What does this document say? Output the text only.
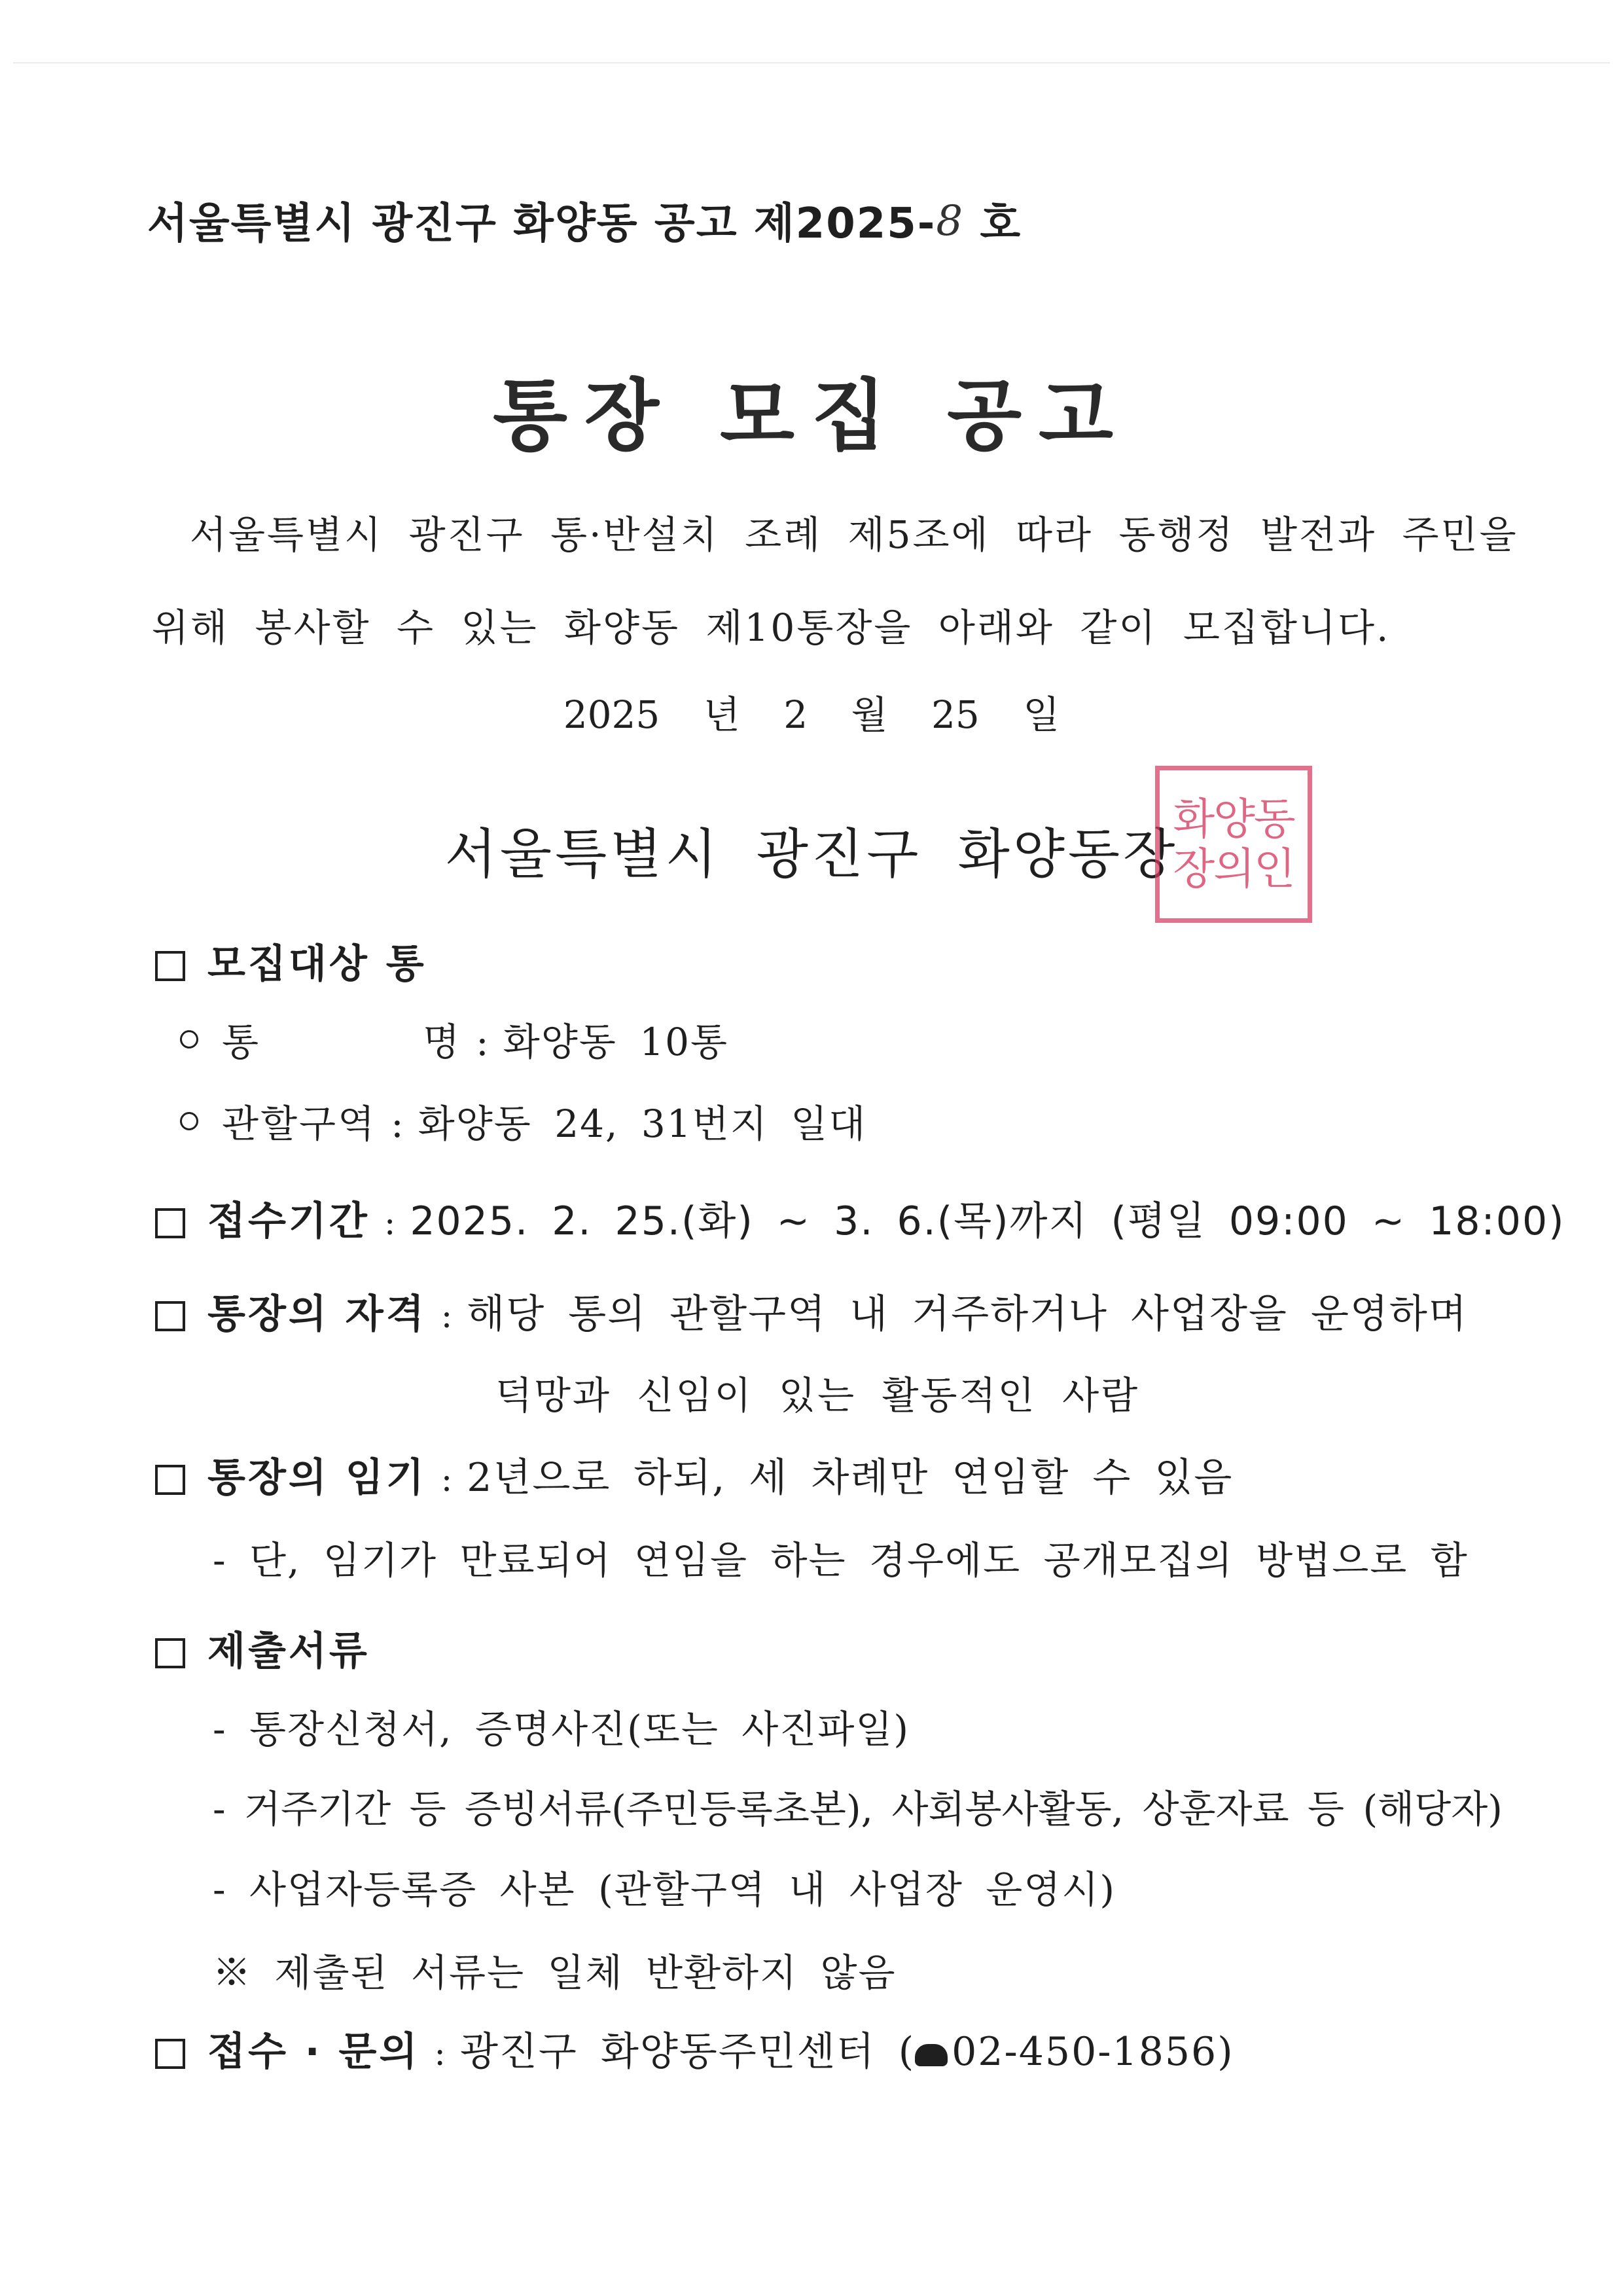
서울특별시 광진구 화양동 공고 제2025-8 호
통장 모집 공고
서울특별시 광진구 통·반설치 조례 제5조에 따라 동행정 발전과 주민을
위해 봉사할 수 있는 화양동 제10통장을 아래와 같이 모집합니다.
2025 년 2 월 25 일
서울특별시 광진구 화양동장
화양동
장의인
모집대상 통
통       명 : 화양동 10통
관할구역 : 화양동 24, 31번지 일대
접수기간 : 2025. 2. 25.(화) ~ 3. 6.(목)까지 (평일 09:00 ~ 18:00)
통장의 자격 : 해당 통의 관할구역 내 거주하거나 사업장을 운영하며
덕망과 신임이 있는 활동적인 사람
통장의 임기 : 2년으로 하되, 세 차례만 연임할 수 있음
- 단, 임기가 만료되어 연임을 하는 경우에도 공개모집의 방법으로 함
제출서류
- 통장신청서, 증명사진(또는 사진파일)
- 거주기간 등 증빙서류(주민등록초본), 사회봉사활동, 상훈자료 등 (해당자)
- 사업자등록증 사본 (관할구역 내 사업장 운영시)
※ 제출된 서류는 일체 반환하지 않음
접수 · 문의 : 광진구 화양동주민센터 ( 02-450-1856)
